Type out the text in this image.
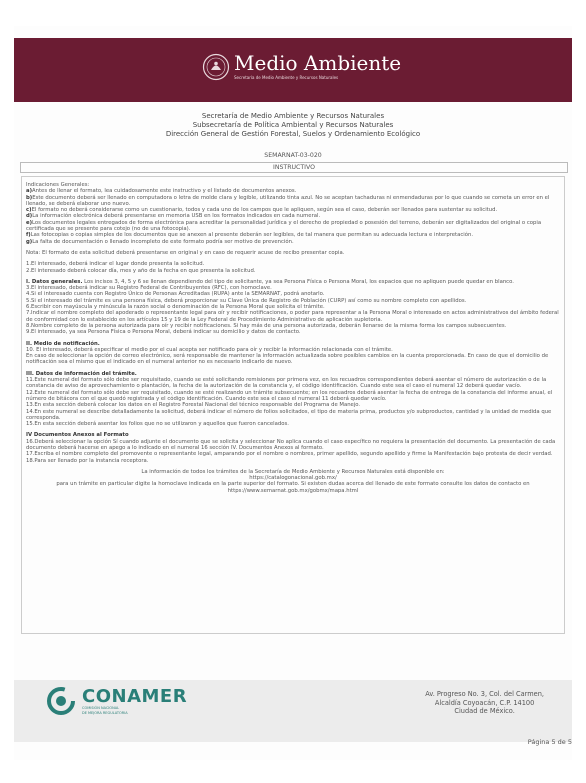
Medio Ambiente
Secretaría de Medio Ambiente y Recursos Naturales
Secretaría de Medio Ambiente y Recursos Naturales
Subsecretaría de Política Ambiental y Recursos Naturales
Dirección General de Gestión Forestal, Suelos y Ordenamiento Ecológico
SEMARNAT-03-020
INSTRUCTIVO

Indicaciones Generales:

a)Antes de llenar el formato, lea cuidadosamente este instructivo y el listado de documentos anexos.

b)Este documento deberá ser llenado en computadora o letra de molde clara y legible, utilizando tinta azul. No se aceptan tachaduras ni enmendaduras por lo que cuando se cometa un error en el llenado, se deberá elaborar uno nuevo.

c)El formato no deberá considerarse como un cuestionario, todos y cada uno de los campos que le apliquen, según sea el caso, deberán ser llenados para sustentar su solicitud.

d)La información electrónica deberá presentarse en memoria USB en los formatos indicados en cada numeral.

e)Los documentos legales entregados de forma electrónica para acreditar la personalidad jurídica y el derecho de propiedad o posesión del terreno, deberán ser digitalizados del original o copia certificada que se presente para cotejo (no de una fotocopia).

f)Las fotocopias o copias simples de los documentos que se anexen al presente deberán ser legibles, de tal manera que permitan su adecuada lectura e interpretación.

g)La falta de documentación o llenado incompleto de este formato podría ser motivo de prevención.

Nota: El formato de esta solicitud deberá presentarse en original y en caso de requerir acuse de recibo presentar copia.

1.El interesado, deberá indicar el lugar donde presenta la solicitud.

2.El interesado deberá colocar día, mes y año de la fecha en que presenta la solicitud.

I. Datos generales. Los incisos 3, 4, 5 y 6 se llenan dependiendo del tipo de solicitante, ya sea Persona Física o Persona Moral, los espacios que no apliquen puede quedar en blanco.

3.El interesado, deberá indicar su Registro Federal de Contribuyentes (RFC), con homoclave.

4.Si el interesado cuenta con Registro Único de Personas Acreditadas (RUPA) ante la SEMARNAT, podrá anotarlo.

5.Si el interesado del trámite es una persona física, deberá proporcionar su Clave Única de Registro de Población (CURP) así como su nombre completo con apellidos.

6.Escribir con mayúscula y minúscula la razón social o denominación de la Persona Moral que solicita el trámite.

7.Indicar el nombre completo del apoderado o representante legal para oír y recibir notificaciones, o poder para representar a la Persona Moral o interesado en actos administrativos del ámbito federal de conformidad con lo establecido en los artículos 15 y 19 de la Ley Federal de Procedimiento Administrativo de aplicación supletoria.

8.Nombre completo de la persona autorizada para oír y recibir notificaciones. Si hay más de una persona autorizada, deberán llenarse de la misma forma los campos subsecuentes.

9.El interesado, ya sea Persona Física o Persona Moral, deberá indicar su domicilio y datos de contacto.

II. Medio de notificación.

10. El interesado, deberá especificar el medio por el cual acepta ser notificado para oír y recibir la información relacionada con el trámite.

En caso de seleccionar la opción de correo electrónico, será responsable de mantener la información actualizada sobre posibles cambios en la cuenta proporcionada. En caso de que el domicilio de notificación sea el mismo que el indicado en el numeral anterior no es necesario indicarlo de nuevo.

III. Datos de información del trámite.

11.Este numeral del formato sólo debe ser requisitado, cuando se esté solicitando remisiones por primera vez, en los recuadros correspondientes deberá asentar el número de autorización o de la constancia de aviso de aprovechamiento o plantación, la fecha de la autorización de la constancia y, el código identificación. Cuando este sea el caso el numeral 12 deberá quedar vacío.

12.Este numeral del formato sólo debe ser requisitado, cuando se esté realizando un trámite subsecuente; en los recuadros deberá asentar la fecha de entrega de la constancia del informe anual, el número de bitácora con el que quedó registrada y el código identificación. Cuando este sea el caso el numeral 11 deberá quedar vacío.

13.En esta sección deberá colocar los datos en el Registro Forestal Nacional del técnico responsable del Programa de Manejo.

14.En este numeral se describe detalladamente la solicitud, deberá indicar el número de folios solicitados, el tipo de materia prima, productos y/o subproductos, cantidad y la unidad de medida que corresponda.

15.En esta sección deberá asentar los folios que no se utilizaron y aquellos que fueron cancelados.

IV Documentos Anexos al Formato

16.Deberá seleccionar la opción Sí cuando adjunte el documento que se solicita y seleccionar No aplica cuando el caso específico no requiera la presentación del documento. La presentación de cada documento deberá hacerse en apego a lo indicado en el numeral 16 sección IV. Documentos Anexos al formato.

17.Escriba el nombre completo del promovente o representante legal, amparando por el nombre o nombres, primer apellido, segundo apellido y firme la Manifestación bajo protesta de decir verdad.

18.Para ser llenado por la instancia receptora.

La información de todos los trámites de la Secretaría de Medio Ambiente y Recursos Naturales está disponible en:

https://catalogonacional.gob.mx/

para un trámite en particular digite la homoclave indicada en la parte superior del formato. Si existen dudas acerca del llenado de este formato consulte los datos de contacto en https://www.semarnat.gob.mx/gobmx/mapa.html

CONAMER
COMISIÓN NACIONAL
DE MEJORA REGULATORIA
Av. Progreso No. 3, Col. del Carmen,
Alcaldía Coyoacán, C.P. 14100
Ciudad de México.
Página 5 de 5
